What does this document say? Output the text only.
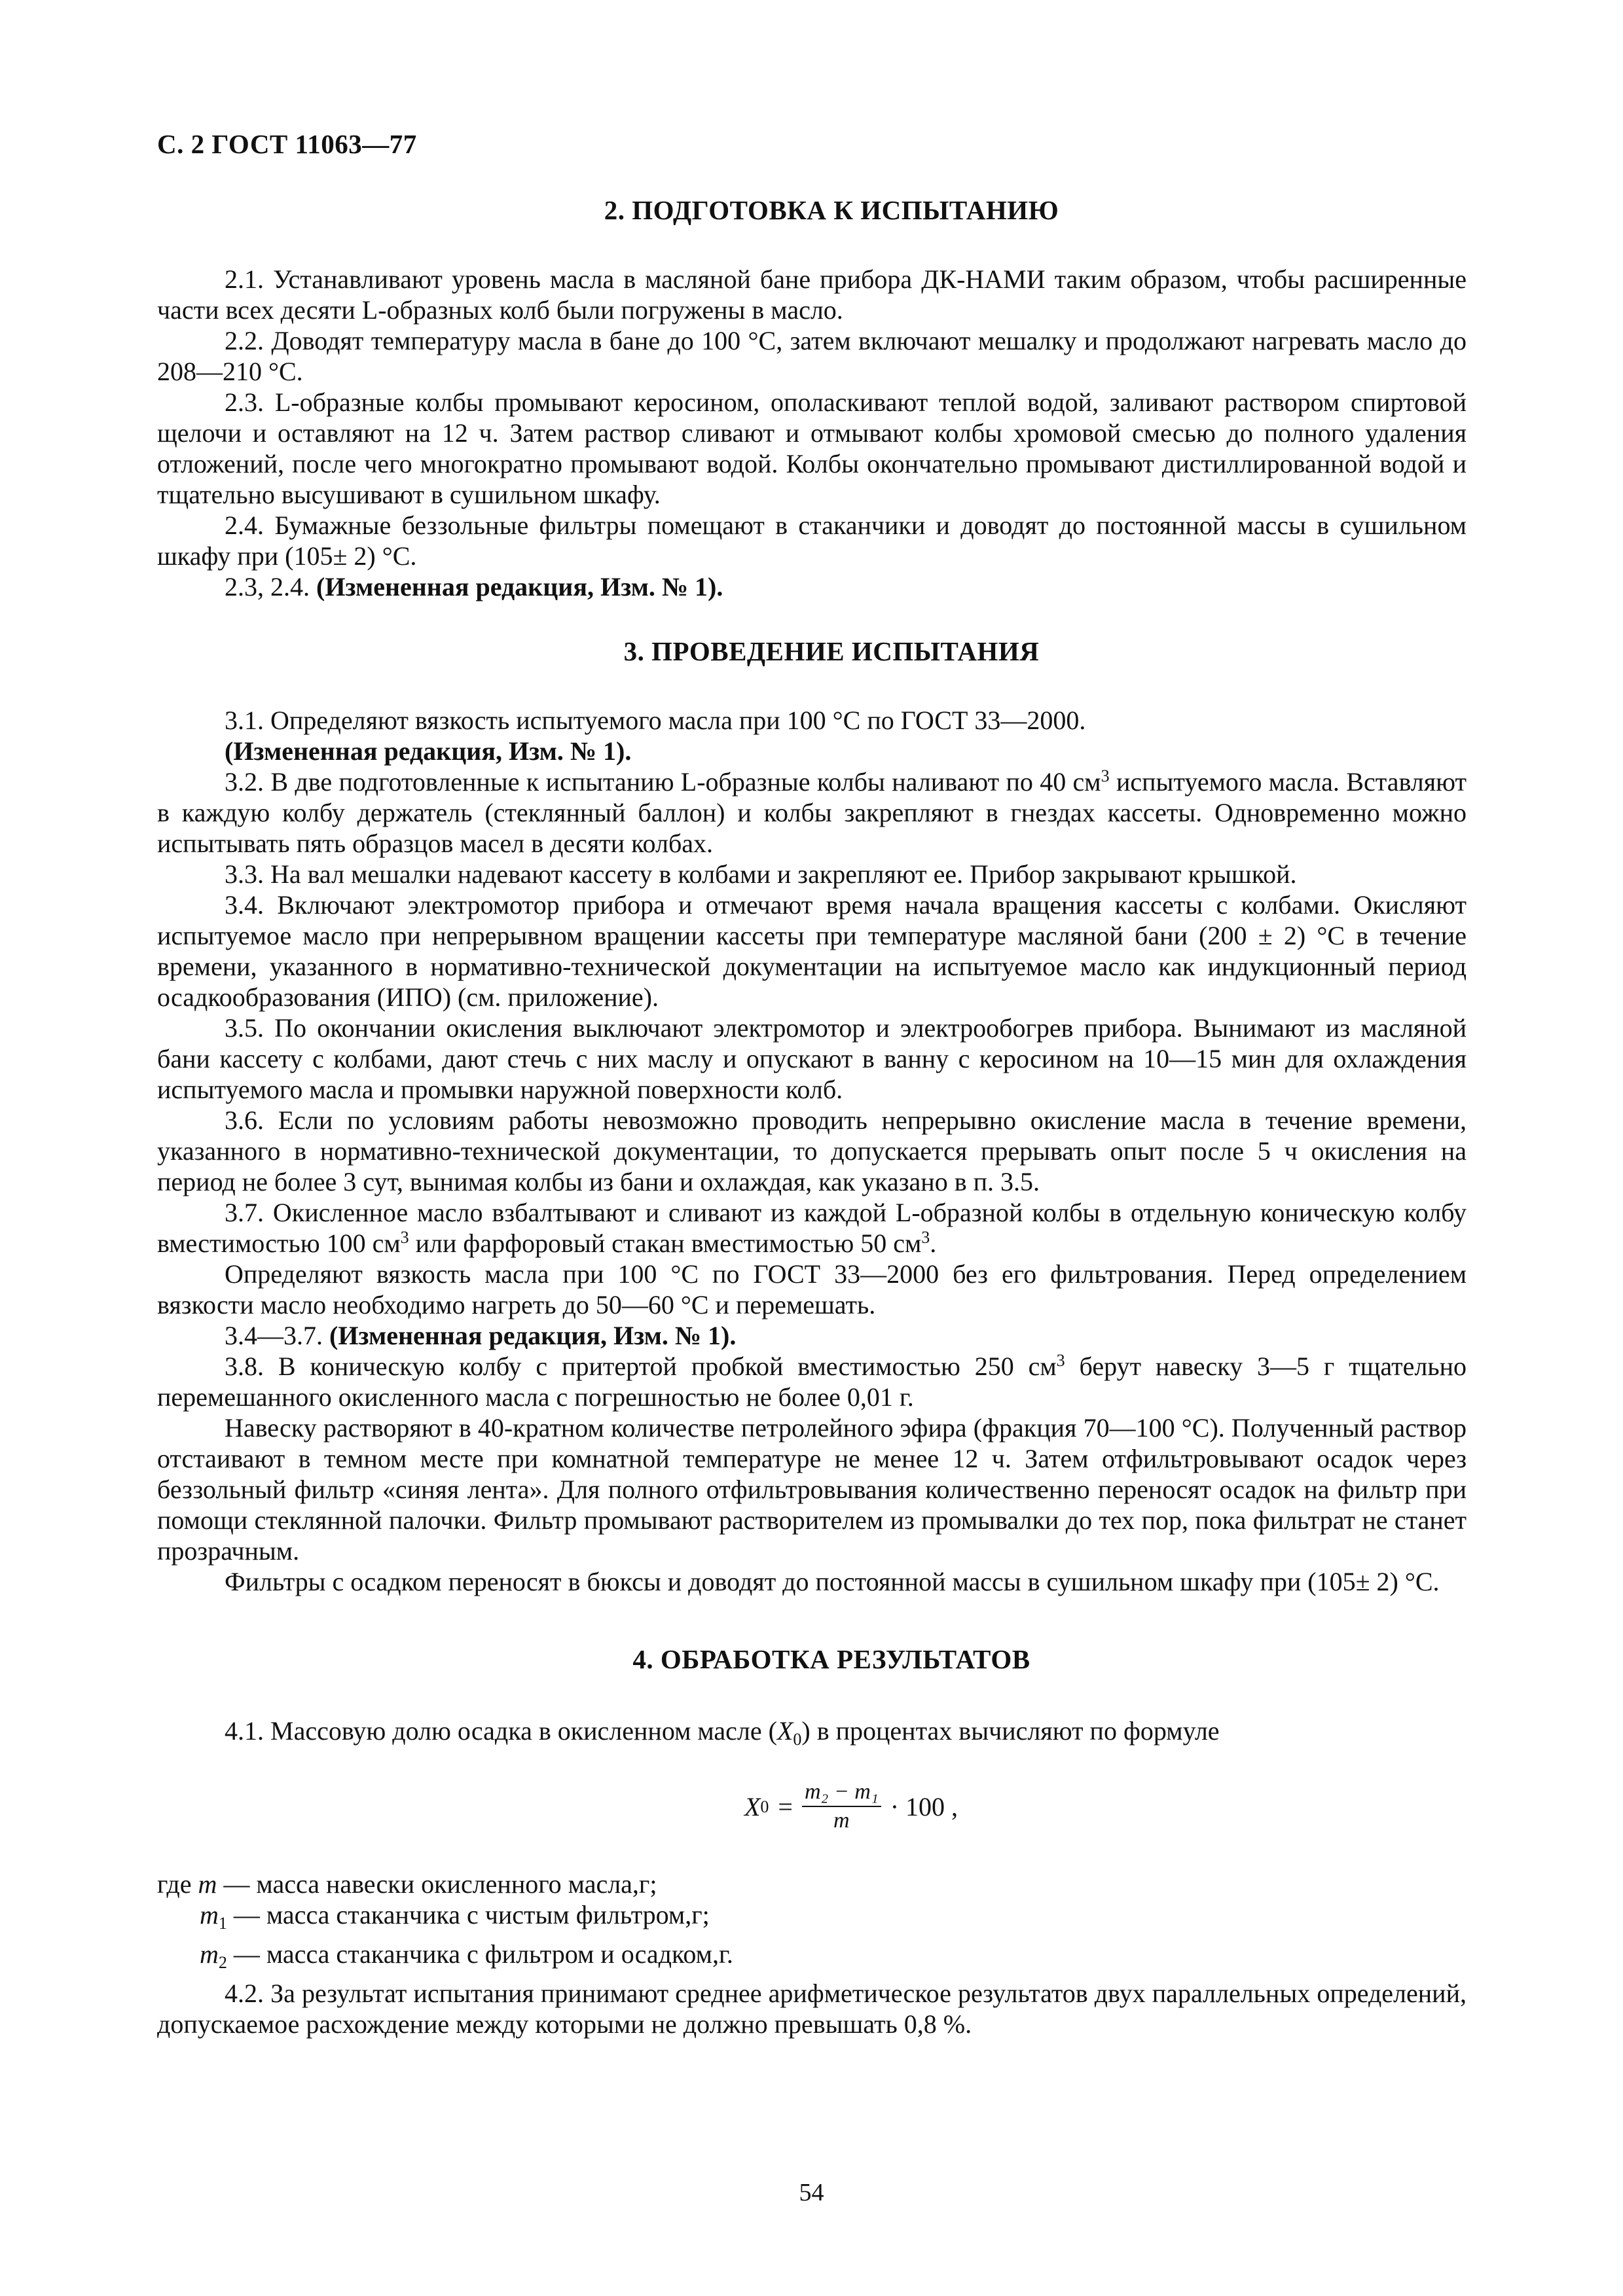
С. 2 ГОСТ 11063—77
2. ПОДГОТОВКА К ИСПЫТАНИЮ

2.1. Устанавливают уровень масла в масляной бане прибора ДК-НАМИ таким образом, чтобы расширенные части всех десяти L-образных колб были погружены в масло.

2.2. Доводят температуру масла в бане до 100 °С, затем включают мешалку и продолжают нагревать масло до 208—210 °С.

2.3. L-образные колбы промывают керосином, ополаскивают теплой водой, заливают раствором спиртовой щелочи и оставляют на 12 ч. Затем раствор сливают и отмывают колбы хромовой смесью до полного удаления отложений, после чего многократно промывают водой. Колбы окончательно промывают дистиллированной водой и тщательно высушивают в сушильном шкафу.

2.4. Бумажные беззольные фильтры помещают в стаканчики и доводят до постоянной массы в сушильном шкафу при (105± 2) °С.

2.3, 2.4. (Измененная редакция, Изм. № 1).

3. ПРОВЕДЕНИЕ ИСПЫТАНИЯ

3.1. Определяют вязкость испытуемого масла при 100 °С по ГОСТ 33—2000.

(Измененная редакция, Изм. № 1).

3.2. В две подготовленные к испытанию L-образные колбы наливают по 40 $см^3$ испытуемого масла. Вставляют в каждую колбу держатель (стеклянный баллон) и колбы закрепляют в гнездах кассеты. Одновременно можно испытывать пять образцов масел в десяти колбах.

3.3. На вал мешалки надевают кассету в колбами и закрепляют ее. Прибор закрывают крышкой.

3.4. Включают электромотор прибора и отмечают время начала вращения кассеты с колбами. Окисляют испытуемое масло при непрерывном вращении кассеты при температуре масляной бани (200 ± 2) °С в течение времени, указанного в нормативно-технической документации на испытуемое масло как индукционный период осадкообразования (ИПО) (см. приложение).

3.5. По окончании окисления выключают электромотор и электрообогрев прибора. Вынимают из масляной бани кассету с колбами, дают стечь с них маслу и опускают в ванну с керосином на 10—15 мин для охлаждения испытуемого масла и промывки наружной поверхности колб.

3.6. Если по условиям работы невозможно проводить непрерывно окисление масла в течение времени, указанного в нормативно-технической документации, то допускается прерывать опыт после 5 ч окисления на период не более 3 сут, вынимая колбы из бани и охлаждая, как указано в п. 3.5.

3.7. Окисленное масло взбалтывают и сливают из каждой L-образной колбы в отдельную коническую колбу вместимостью 100 $см^3$ или фарфоровый стакан вместимостью 50 $см^3$.

Определяют вязкость масла при 100 °С по ГОСТ 33—2000 без его фильтрования. Перед определением вязкости масло необходимо нагреть до 50—60 °С и перемешать.

3.4—3.7. (Измененная редакция, Изм. № 1).

3.8. В коническую колбу с притертой пробкой вместимостью 250 $см^3$ берут навеску 3—5 г тщательно перемешанного окисленного масла с погрешностью не более 0,01 г.

Навеску растворяют в 40-кратном количестве петролейного эфира (фракция 70—100 °С). Полученный раствор отстаивают в темном месте при комнатной температуре не менее 12 ч. Затем отфильтровывают осадок через беззольный фильтр «синяя лента». Для полного отфильтровывания количественно переносят осадок на фильтр при помощи стеклянной палочки. Фильтр промывают растворителем из промывалки до тех пор, пока фильтрат не станет прозрачным.

Фильтры с осадком переносят в бюксы и доводят до постоянной массы в сушильном шкафу при (105± 2) °С.

4. ОБРАБОТКА РЕЗУЛЬТАТОВ

4.1. Массовую долю осадка в окисленном масле $(X_0)$ в процентах вычисляют по формуле

X $0 = \frac{\text{m₂ − m₁}}{m} \cdot 100$ ,

где m — масса навески окисленного масла,г;

$m_1$ — масса стаканчика с чистым фильтром,г;

$m_2$ — масса стаканчика с фильтром и осадком,г.

4.2. За результат испытания принимают среднее арифметическое результатов двух параллельных определений, допускаемое расхождение между которыми не должно превышать 0,8 %.

54
